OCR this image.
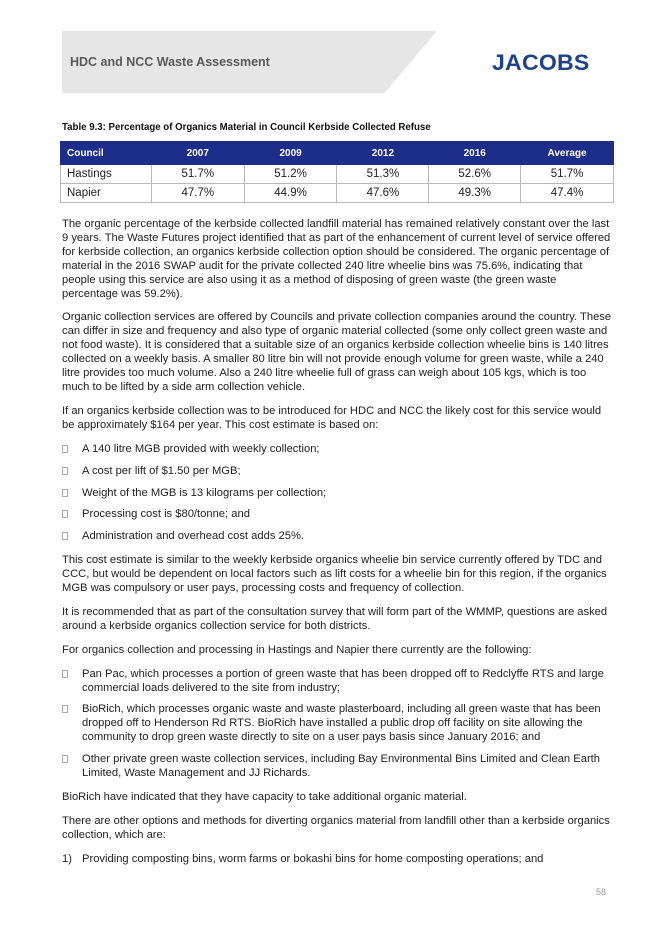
HDC and NCC Waste Assessment	JACOBS
Table 9.3: Percentage of Organics Material in Council Kerbside Collected Refuse
Council	2007	2009	2012	2016	Average
Hastings	51.7%	51.2%	51.3%	52.6%	51.7%
Napier	47.7%	44.9%	47.6%	49.3%	47.4%

The organic percentage of the kerbside collected landfill material has remained relatively constant over the last 9 years. The Waste Futures project identified that as part of the enhancement of current level of service offered for kerbside collection, an organics kerbside collection option should be considered. The organic percentage of material in the 2016 SWAP audit for the private collected 240 litre wheelie bins was 75.6%, indicating that people using this service are also using it as a method of disposing of green waste (the green waste percentage was 59.2%).

Organic collection services are offered by Councils and private collection companies around the country. These can differ in size and frequency and also type of organic material collected (some only collect green waste and not food waste). It is considered that a suitable size of an organics kerbside collection wheelie bins is 140 litres collected on a weekly basis. A smaller 80 litre bin will not provide enough volume for green waste, while a 240 litre provides too much volume. Also a 240 litre wheelie full of grass can weigh about 105 kgs, which is too much to be lifted by a side arm collection vehicle.

If an organics kerbside collection was to be introduced for HDC and NCC the likely cost for this service would be approximately $164 per year. This cost estimate is based on:

A 140 litre MGB provided with weekly collection;
A cost per lift of $1.50 per MGB;
Weight of the MGB is 13 kilograms per collection;
Processing cost is $80/tonne; and
Administration and overhead cost adds 25%.

This cost estimate is similar to the weekly kerbside organics wheelie bin service currently offered by TDC and CCC, but would be dependent on local factors such as lift costs for a wheelie bin for this region, if the organics MGB was compulsory or user pays, processing costs and frequency of collection.

It is recommended that as part of the consultation survey that will form part of the WMMP, questions are asked around a kerbside organics collection service for both districts.

For organics collection and processing in Hastings and Napier there currently are the following:

Pan Pac, which processes a portion of green waste that has been dropped off to Redclyffe RTS and large commercial loads delivered to the site from industry;
BioRich, which processes organic waste and waste plasterboard, including all green waste that has been dropped off to Henderson Rd RTS. BioRich have installed a public drop off facility on site allowing the community to drop green waste directly to site on a user pays basis since January 2016; and
Other private green waste collection services, including Bay Environmental Bins Limited and Clean Earth Limited, Waste Management and JJ Richards.

BioRich have indicated that they have capacity to take additional organic material.

There are other options and methods for diverting organics material from landfill other than a kerbside organics collection, which are:

1) Providing composting bins, worm farms or bokashi bins for home composting operations; and
58
